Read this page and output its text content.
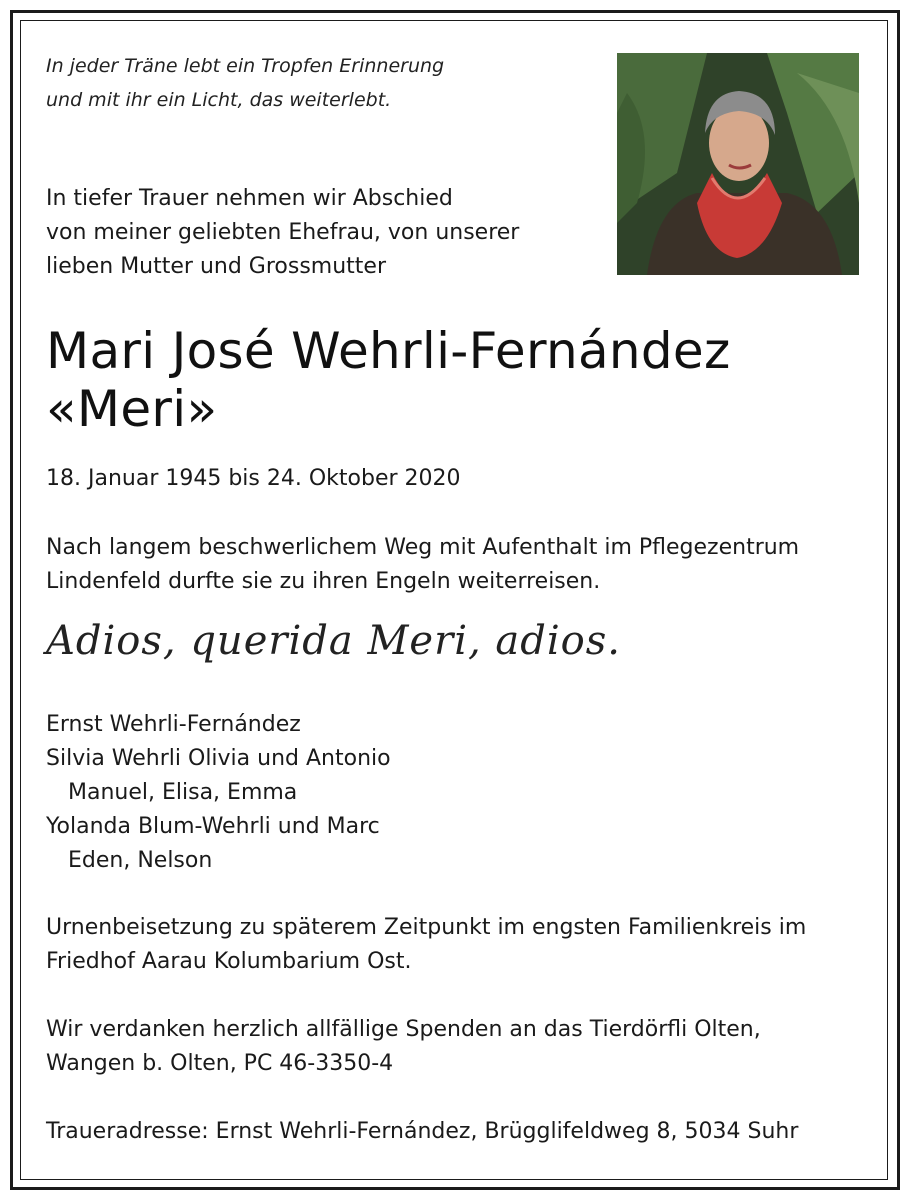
In jeder Träne lebt ein Tropfen Erinnerung
und mit ihr ein Licht, das weiterlebt.
In tiefer Trauer nehmen wir Abschied
von meiner geliebten Ehefrau, von unserer
lieben Mutter und Grossmutter
Mari José Wehrli-Fernández
«Meri»
18. Januar 1945 bis 24. Oktober 2020
Nach langem beschwerlichem Weg mit Aufenthalt im Pflegezentrum
Lindenfeld durfte sie zu ihren Engeln weiterreisen.
Adios, querida Meri, adios.
Ernst Wehrli-Fernández
Silvia Wehrli Olivia und Antonio
Manuel, Elisa, Emma
Yolanda Blum-Wehrli und Marc
Eden, Nelson
Urnenbeisetzung zu späterem Zeitpunkt im engsten Familienkreis im
Friedhof Aarau Kolumbarium Ost.
Wir verdanken herzlich allfällige Spenden an das Tierdörfli Olten,
Wangen b. Olten, PC 46-3350-4
Traueradresse: Ernst Wehrli-Fernández, Brügglifeldweg 8, 5034 Suhr
